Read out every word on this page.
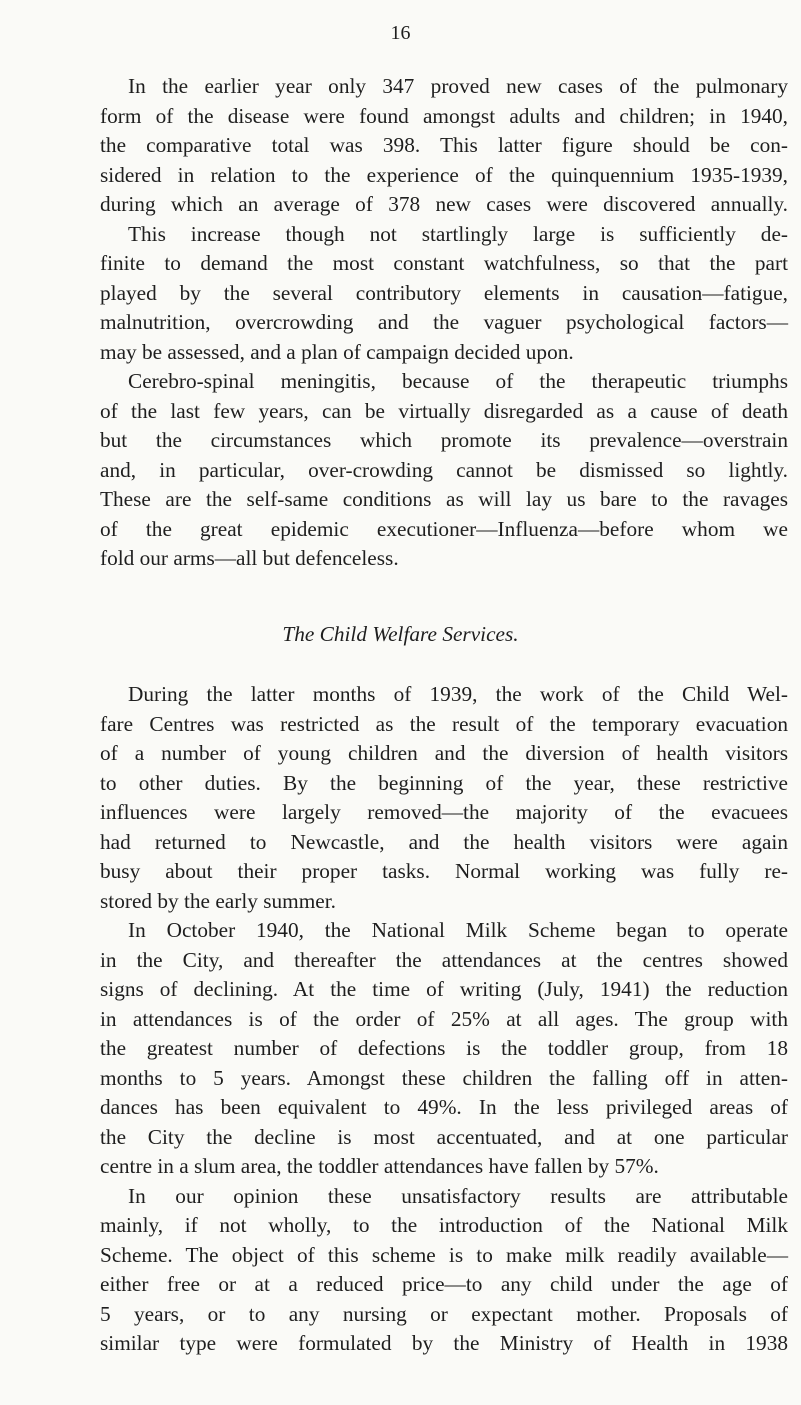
16
In the earlier year only 347 proved new cases of the pulmonary
form of the disease were found amongst adults and children; in 1940,
the comparative total was 398. This latter figure should be con-
sidered in relation to the experience of the quinquennium 1935-1939,
during which an average of 378 new cases were discovered annually.
This increase though not startlingly large is sufficiently de-
finite to demand the most constant watchfulness, so that the part
played by the several contributory elements in causation—fatigue,
malnutrition, overcrowding and the vaguer psychological factors—
may be assessed, and a plan of campaign decided upon.
Cerebro-spinal meningitis, because of the therapeutic triumphs
of the last few years, can be virtually disregarded as a cause of death
but the circumstances which promote its prevalence—overstrain
and, in particular, over-crowding cannot be dismissed so lightly.
These are the self-same conditions as will lay us bare to the ravages
of the great epidemic executioner—Influenza—before whom we
fold our arms—all but defenceless.
The Child Welfare Services.
During the latter months of 1939, the work of the Child Wel-
fare Centres was restricted as the result of the temporary evacuation
of a number of young children and the diversion of health visitors
to other duties. By the beginning of the year, these restrictive
influences were largely removed—the majority of the evacuees
had returned to Newcastle, and the health visitors were again
busy about their proper tasks. Normal working was fully re-
stored by the early summer.
In October 1940, the National Milk Scheme began to operate
in the City, and thereafter the attendances at the centres showed
signs of declining. At the time of writing (July, 1941) the reduction
in attendances is of the order of 25% at all ages. The group with
the greatest number of defections is the toddler group, from 18
months to 5 years. Amongst these children the falling off in atten-
dances has been equivalent to 49%. In the less privileged areas of
the City the decline is most accentuated, and at one particular
centre in a slum area, the toddler attendances have fallen by 57%.
In our opinion these unsatisfactory results are attributable
mainly, if not wholly, to the introduction of the National Milk
Scheme. The object of this scheme is to make milk readily available—
either free or at a reduced price—to any child under the age of
5 years, or to any nursing or expectant mother. Proposals of
similar type were formulated by the Ministry of Health in 1938
